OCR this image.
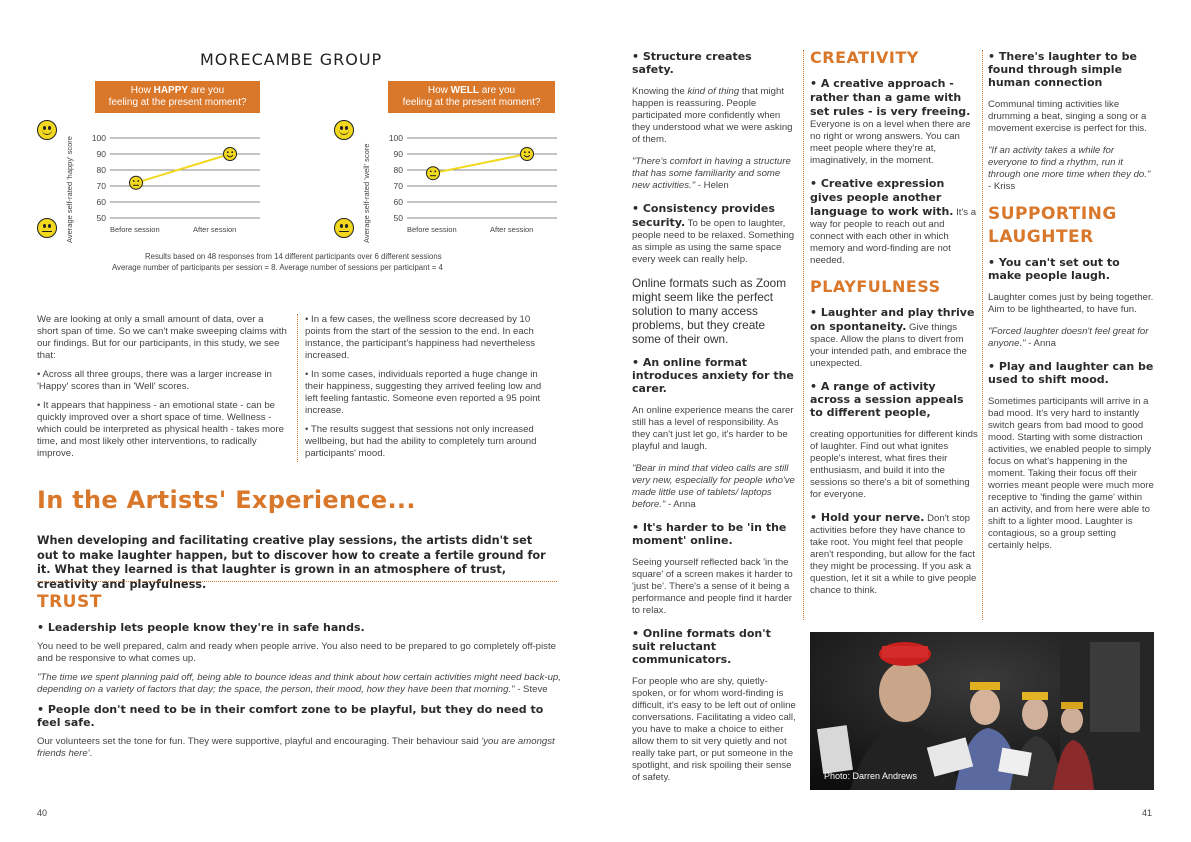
MORECAMBE GROUP
How HAPPY are you
feeling at the present moment?
Average self-rated 'happy' score 100
90
80
70
60
50
Before session	After session
How WELL are you
feeling at the present moment?
Average self-rated 'well' score
100
90
80
70
60
50
Before session	After session
Results based on 48 responses from 14 different participants over 6 different sessions
Average number of participants per session = 8. Average number of sessions per participant = 4

We are looking at only a small amount of data, over a short span of time. So we can't make sweeping claims with our findings. But for our participants, in this study, we see that:

• Across all three groups, there was a larger increase in 'Happy' scores than in 'Well' scores.

• It appears that happiness - an emotional state - can be quickly improved over a short space of time. Wellness - which could be interpreted as physical health - takes more time, and most likely other interventions, to radically improve.

• In a few cases, the wellness score decreased by 10 points from the start of the session to the end. In each instance, the participant's happiness had nevertheless increased.

• In some cases, individuals reported a huge change in their happiness, suggesting they arrived feeling low and left feeling fantastic. Someone even reported a 95 point increase.

• The results suggest that sessions not only increased wellbeing, but had the ability to completely turn around participants' mood.

In the Artists' Experience...

When developing and facilitating creative play sessions, the artists didn't set out to make laughter happen, but to discover how to create a fertile ground for it. What they learned is that laughter is grown in an atmosphere of trust, creativity and playfulness.

TRUST

• Leadership lets people know they're in safe hands.

You need to be well prepared, calm and ready when people arrive. You also need to be prepared to go completely off-piste and be responsive to what comes up.

"The time we spent planning paid off, being able to bounce ideas and think about how certain activities might need back-up, depending on a variety of factors that day; the space, the person, their mood, how they have been that morning." - Steve

• People don't need to be in their comfort zone to be playful, but they do need to feel safe.

Our volunteers set the tone for fun. They were supportive, playful and encouraging. Their behaviour said 'you are amongst friends here'.

40

• Structure creates safety.

Knowing the kind of thing that might happen is reassuring. People participated more confidently when they understood what we were asking of them.

"There's comfort in having a structure that has some familiarity and some new activities." - Helen

• Consistency provides security. To be open to laughter, people need to be relaxed. Something as simple as using the same space every week can really help.

Online formats such as Zoom might seem like the perfect solution to many access problems, but they create some of their own.

• An online format introduces anxiety for the carer.

An online experience means the carer still has a level of responsibility. As they can't just let go, it's harder to be playful and laugh.

"Bear in mind that video calls are still very new, especially for people who've made little use of tablets/ laptops before." - Anna

• It's harder to be 'in the moment' online.

Seeing yourself reflected back 'in the square' of a screen makes it harder to 'just be'. There's a sense of it being a performance and people find it harder to relax.

• Online formats don't suit reluctant communicators.

For people who are shy, quietly-spoken, or for whom word-finding is difficult, it's easy to be left out of online conversations. Facilitating a video call, you have to make a choice to either allow them to sit very quietly and not really take part, or put someone in the spotlight, and risk spoiling their sense of safety.

CREATIVITY

• A creative approach - rather than a game with set rules - is very freeing. Everyone is on a level when there are no right or wrong answers. You can meet people where they're at, imaginatively, in the moment.

• Creative expression gives people another language to work with. It's a way for people to reach out and connect with each other in which memory and word-finding are not needed.

PLAYFULNESS

• Laughter and play thrive on spontaneity. Give things space. Allow the plans to divert from your intended path, and embrace the unexpected.

• A range of activity across a session appeals to different people,

creating opportunities for different kinds of laughter. Find out what ignites people's interest, what fires their enthusiasm, and build it into the sessions so there's a bit of something for everyone.

• Hold your nerve. Don't stop activities before they have chance to take root. You might feel that people aren't responding, but allow for the fact they might be processing. If you ask a question, let it sit a while to give people chance to think.

• There's laughter to be found through simple human connection

Communal timing activities like drumming a beat, singing a song or a movement exercise is perfect for this.

"If an activity takes a while for everyone to find a rhythm, run it through one more time when they do." - Kriss

SUPPORTING
LAUGHTER

• You can't set out to make people laugh.

Laughter comes just by being together. Aim to be lighthearted, to have fun.

"Forced laughter doesn't feel great for anyone." - Anna

• Play and laughter can be used to shift mood.

Sometimes participants will arrive in a bad mood. It's very hard to instantly switch gears from bad mood to good mood. Starting with some distraction activities, we enabled people to simply focus on what's happening in the moment. Taking their focus off their worries meant people were much more receptive to 'finding the game' within an activity, and from here were able to shift to a lighter mood. Laughter is contagious, so a group setting certainly helps.

Photo: Darren Andrews
41
